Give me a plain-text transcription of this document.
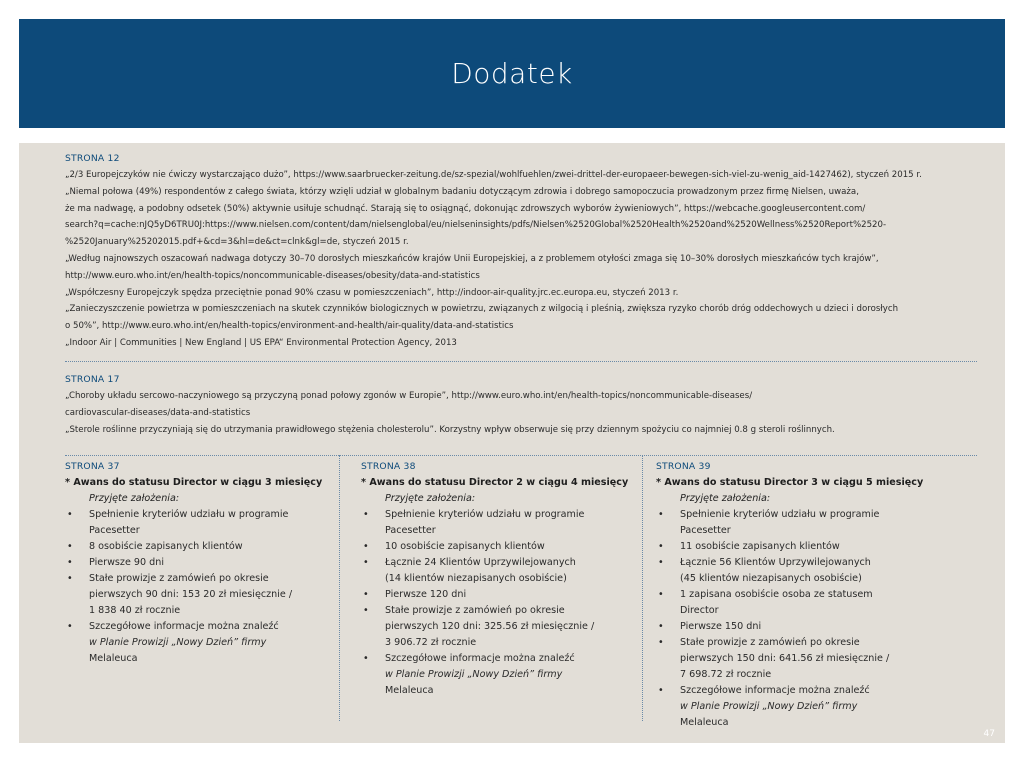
Dodatek
STRONA 12
„2/3 Europejczyków nie ćwiczy wystarczająco dużo”, https://www.saarbruecker-zeitung.de/sz-spezial/wohlfuehlen/zwei-drittel-der-europaeer-bewegen-sich-viel-zu-wenig_aid-1427462), styczeń 2015 r.
„Niemal połowa (49%) respondentów z całego świata, którzy wzięli udział w globalnym badaniu dotyczącym zdrowia i dobrego samopoczucia prowadzonym przez firmę Nielsen, uważa,
że ma nadwagę, a podobny odsetek (50%) aktywnie usiłuje schudnąć. Starają się to osiągnąć, dokonując zdrowszych wyborów żywieniowych”, https://webcache.googleusercontent.com/
search?q=cache:nJQ5yD6TRU0J:https://www.nielsen.com/content/dam/nielsenglobal/eu/nielseninsights/pdfs/Nielsen%2520Global%2520Health%2520and%2520Wellness%2520Report%2520-
%2520January%25202015.pdf+&cd=3&hl=de&ct=clnk&gl=de, styczeń 2015 r.
„Według najnowszych oszacowań nadwaga dotyczy 30–70 dorosłych mieszkańców krajów Unii Europejskiej, a z problemem otyłości zmaga się 10–30% dorosłych mieszkańców tych krajów”,
http://www.euro.who.int/en/health-topics/noncommunicable-diseases/obesity/data-and-statistics
„Współczesny Europejczyk spędza przeciętnie ponad 90% czasu w pomieszczeniach”, http://indoor-air-quality.jrc.ec.europa.eu, styczeń 2013 r.
„Zanieczyszczenie powietrza w pomieszczeniach na skutek czynników biologicznych w powietrzu, związanych z wilgocią i pleśnią, zwiększa ryzyko chorób dróg oddechowych u dzieci i dorosłych
o 50%”, http://www.euro.who.int/en/health-topics/environment-and-health/air-quality/data-and-statistics
„Indoor Air | Communities | New England | US EPA“ Environmental Protection Agency, 2013
STRONA 17
„Choroby układu sercowo-naczyniowego są przyczyną ponad połowy zgonów w Europie”, http://www.euro.who.int/en/health-topics/noncommunicable-diseases/
cardiovascular-diseases/data-and-statistics
„Sterole roślinne przyczyniają się do utrzymania prawidłowego stężenia cholesterolu”. Korzystny wpływ obserwuje się przy dziennym spożyciu co najmniej 0.8 g steroli roślinnych.
STRONA 37
* Awans do statusu Director w ciągu 3 miesięcy
Przyjęte założenia:
• Spełnienie kryteriów udziału w programie
Pacesetter
• 8 osobiście zapisanych klientów
• Pierwsze 90 dni
• Stałe prowizje z zamówień po okresie
pierwszych 90 dni: 153 20 zł miesięcznie /
1 838 40 zł rocznie
• Szczegółowe informacje można znaleźć
w Planie Prowizji „Nowy Dzień” firmy
Melaleuca
STRONA 38
* Awans do statusu Director 2 w ciągu 4 miesięcy
Przyjęte założenia:
• Spełnienie kryteriów udziału w programie
Pacesetter
• 10 osobiście zapisanych klientów
• Łącznie 24 Klientów Uprzywilejowanych
(14 klientów niezapisanych osobiście)
• Pierwsze 120 dni
• Stałe prowizje z zamówień po okresie
pierwszych 120 dni: 325.56 zł miesięcznie /
3 906.72 zł rocznie
• Szczegółowe informacje można znaleźć
w Planie Prowizji „Nowy Dzień” firmy
Melaleuca
STRONA 39
* Awans do statusu Director 3 w ciągu 5 miesięcy
Przyjęte założenia:
• Spełnienie kryteriów udziału w programie
Pacesetter
• 11 osobiście zapisanych klientów
• Łącznie 56 Klientów Uprzywilejowanych
(45 klientów niezapisanych osobiście)
• 1 zapisana osobiście osoba ze statusem
Director
• Pierwsze 150 dni
• Stałe prowizje z zamówień po okresie
pierwszych 150 dni: 641.56 zł miesięcznie /
7 698.72 zł rocznie
• Szczegółowe informacje można znaleźć
w Planie Prowizji „Nowy Dzień” firmy
Melaleuca
47
